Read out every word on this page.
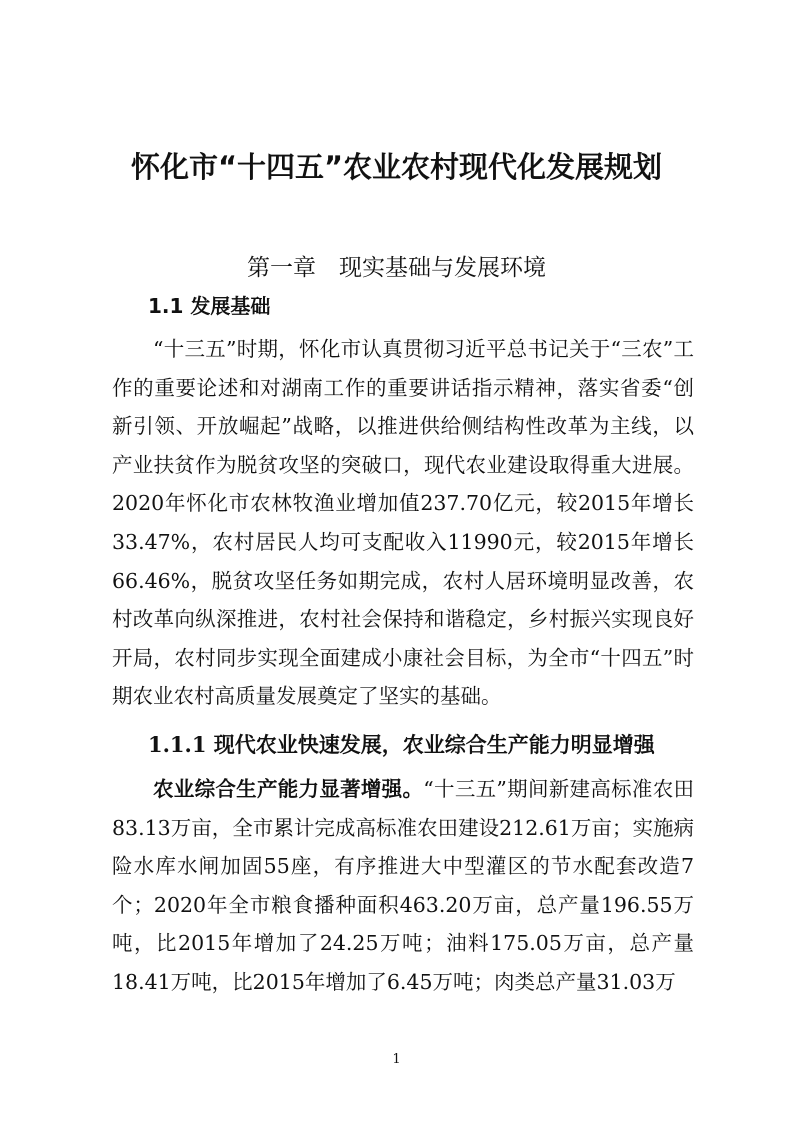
怀化市“十四五”农业农村现代化发展规划
第一章　现实基础与发展环境
1.1 发展基础

“十三五”时期，怀化市认真贯彻习近平总书记关于“三农”工作的重要论述和对湖南工作的重要讲话指示精神，落实省委“创新引领、开放崛起”战略，以推进供给侧结构性改革为主线，以产业扶贫作为脱贫攻坚的突破口，现代农业建设取得重大进展。2020年怀化市农林牧渔业增加值237.70亿元，较2015年增长33.47%，农村居民人均可支配收入11990元，较2015年增长66.46%，脱贫攻坚任务如期完成，农村人居环境明显改善，农村改革向纵深推进，农村社会保持和谐稳定，乡村振兴实现良好开局，农村同步实现全面建成小康社会目标，为全市“十四五”时期农业农村高质量发展奠定了坚实的基础。

1.1.1 现代农业快速发展，农业综合生产能力明显增强

农业综合生产能力显著增强。“十三五”期间新建高标准农田83.13万亩，全市累计完成高标准农田建设212.61万亩；实施病险水库水闸加固55座，有序推进大中型灌区的节水配套改造7个；2020年全市粮食播种面积463.20万亩，总产量196.55万吨，比2015年增加了24.25万吨；油料175.05万亩，总产量18.41万吨，比2015年增加了6.45万吨；肉类总产量31.03万

1
